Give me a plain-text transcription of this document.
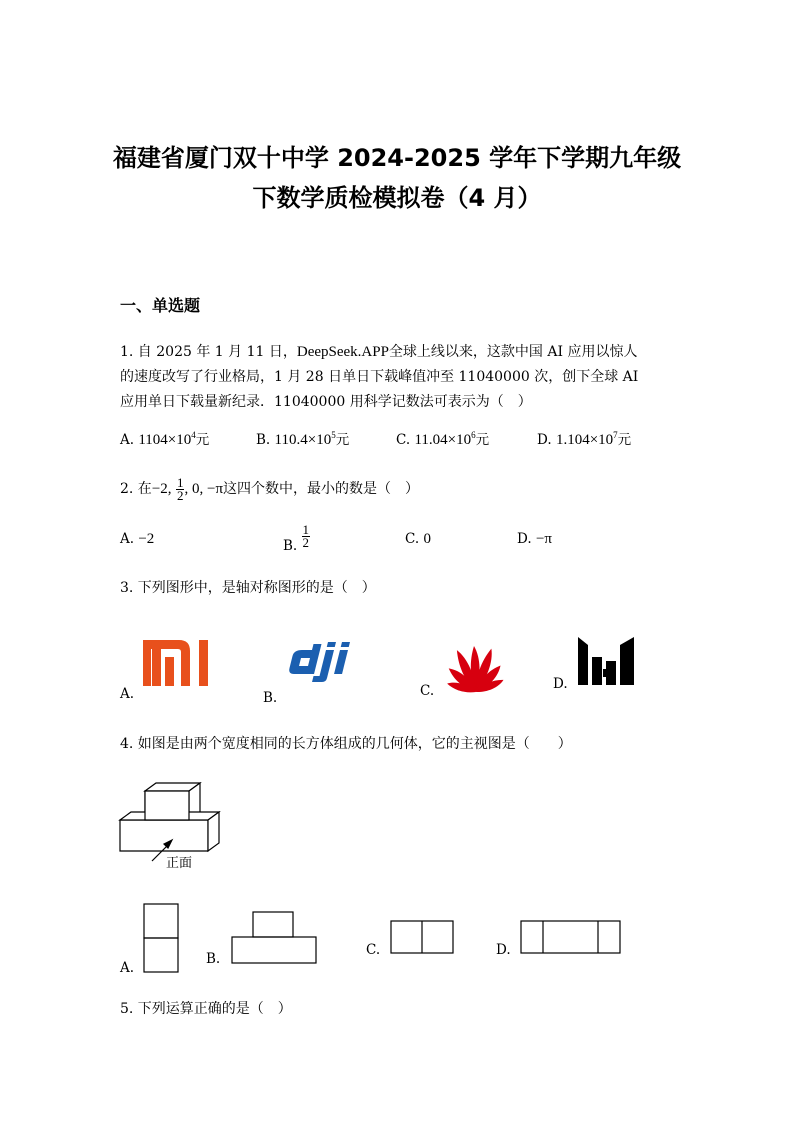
福建省厦门双十中学 2024-2025 学年下学期九年级
下数学质检模拟卷（4 月）
一、单选题
1. 自 2025 年 1 月 11 日，DeepSeek.APP全球上线以来，这款中国 AI 应用以惊人
的速度改写了行业格局，1 月 28 日单日下载峰值冲至 11040000 次，创下全球 AI
应用单日下载量新纪录．11040000 用科学记数法可表示为（　）
A. $1104\times 10^4$元	B. $110.4\times 10^5$元	C. $11.04\times 10^6$元	D. $1.104\times 10^7$元
2. 在−2, $\frac{1}{2}$ , 0, −π这四个数中，最小的数是（　）
A. −2	B. $\frac{1}{2}$	C. 0	D. −π
3. 下列图形中，是轴对称图形的是（　）
A.	B.	C.	D.
4. 如图是由两个宽度相同的长方体组成的几何体，它的主视图是（　　）
正面
A.
B.
C.	D.
5. 下列运算正确的是（　）
